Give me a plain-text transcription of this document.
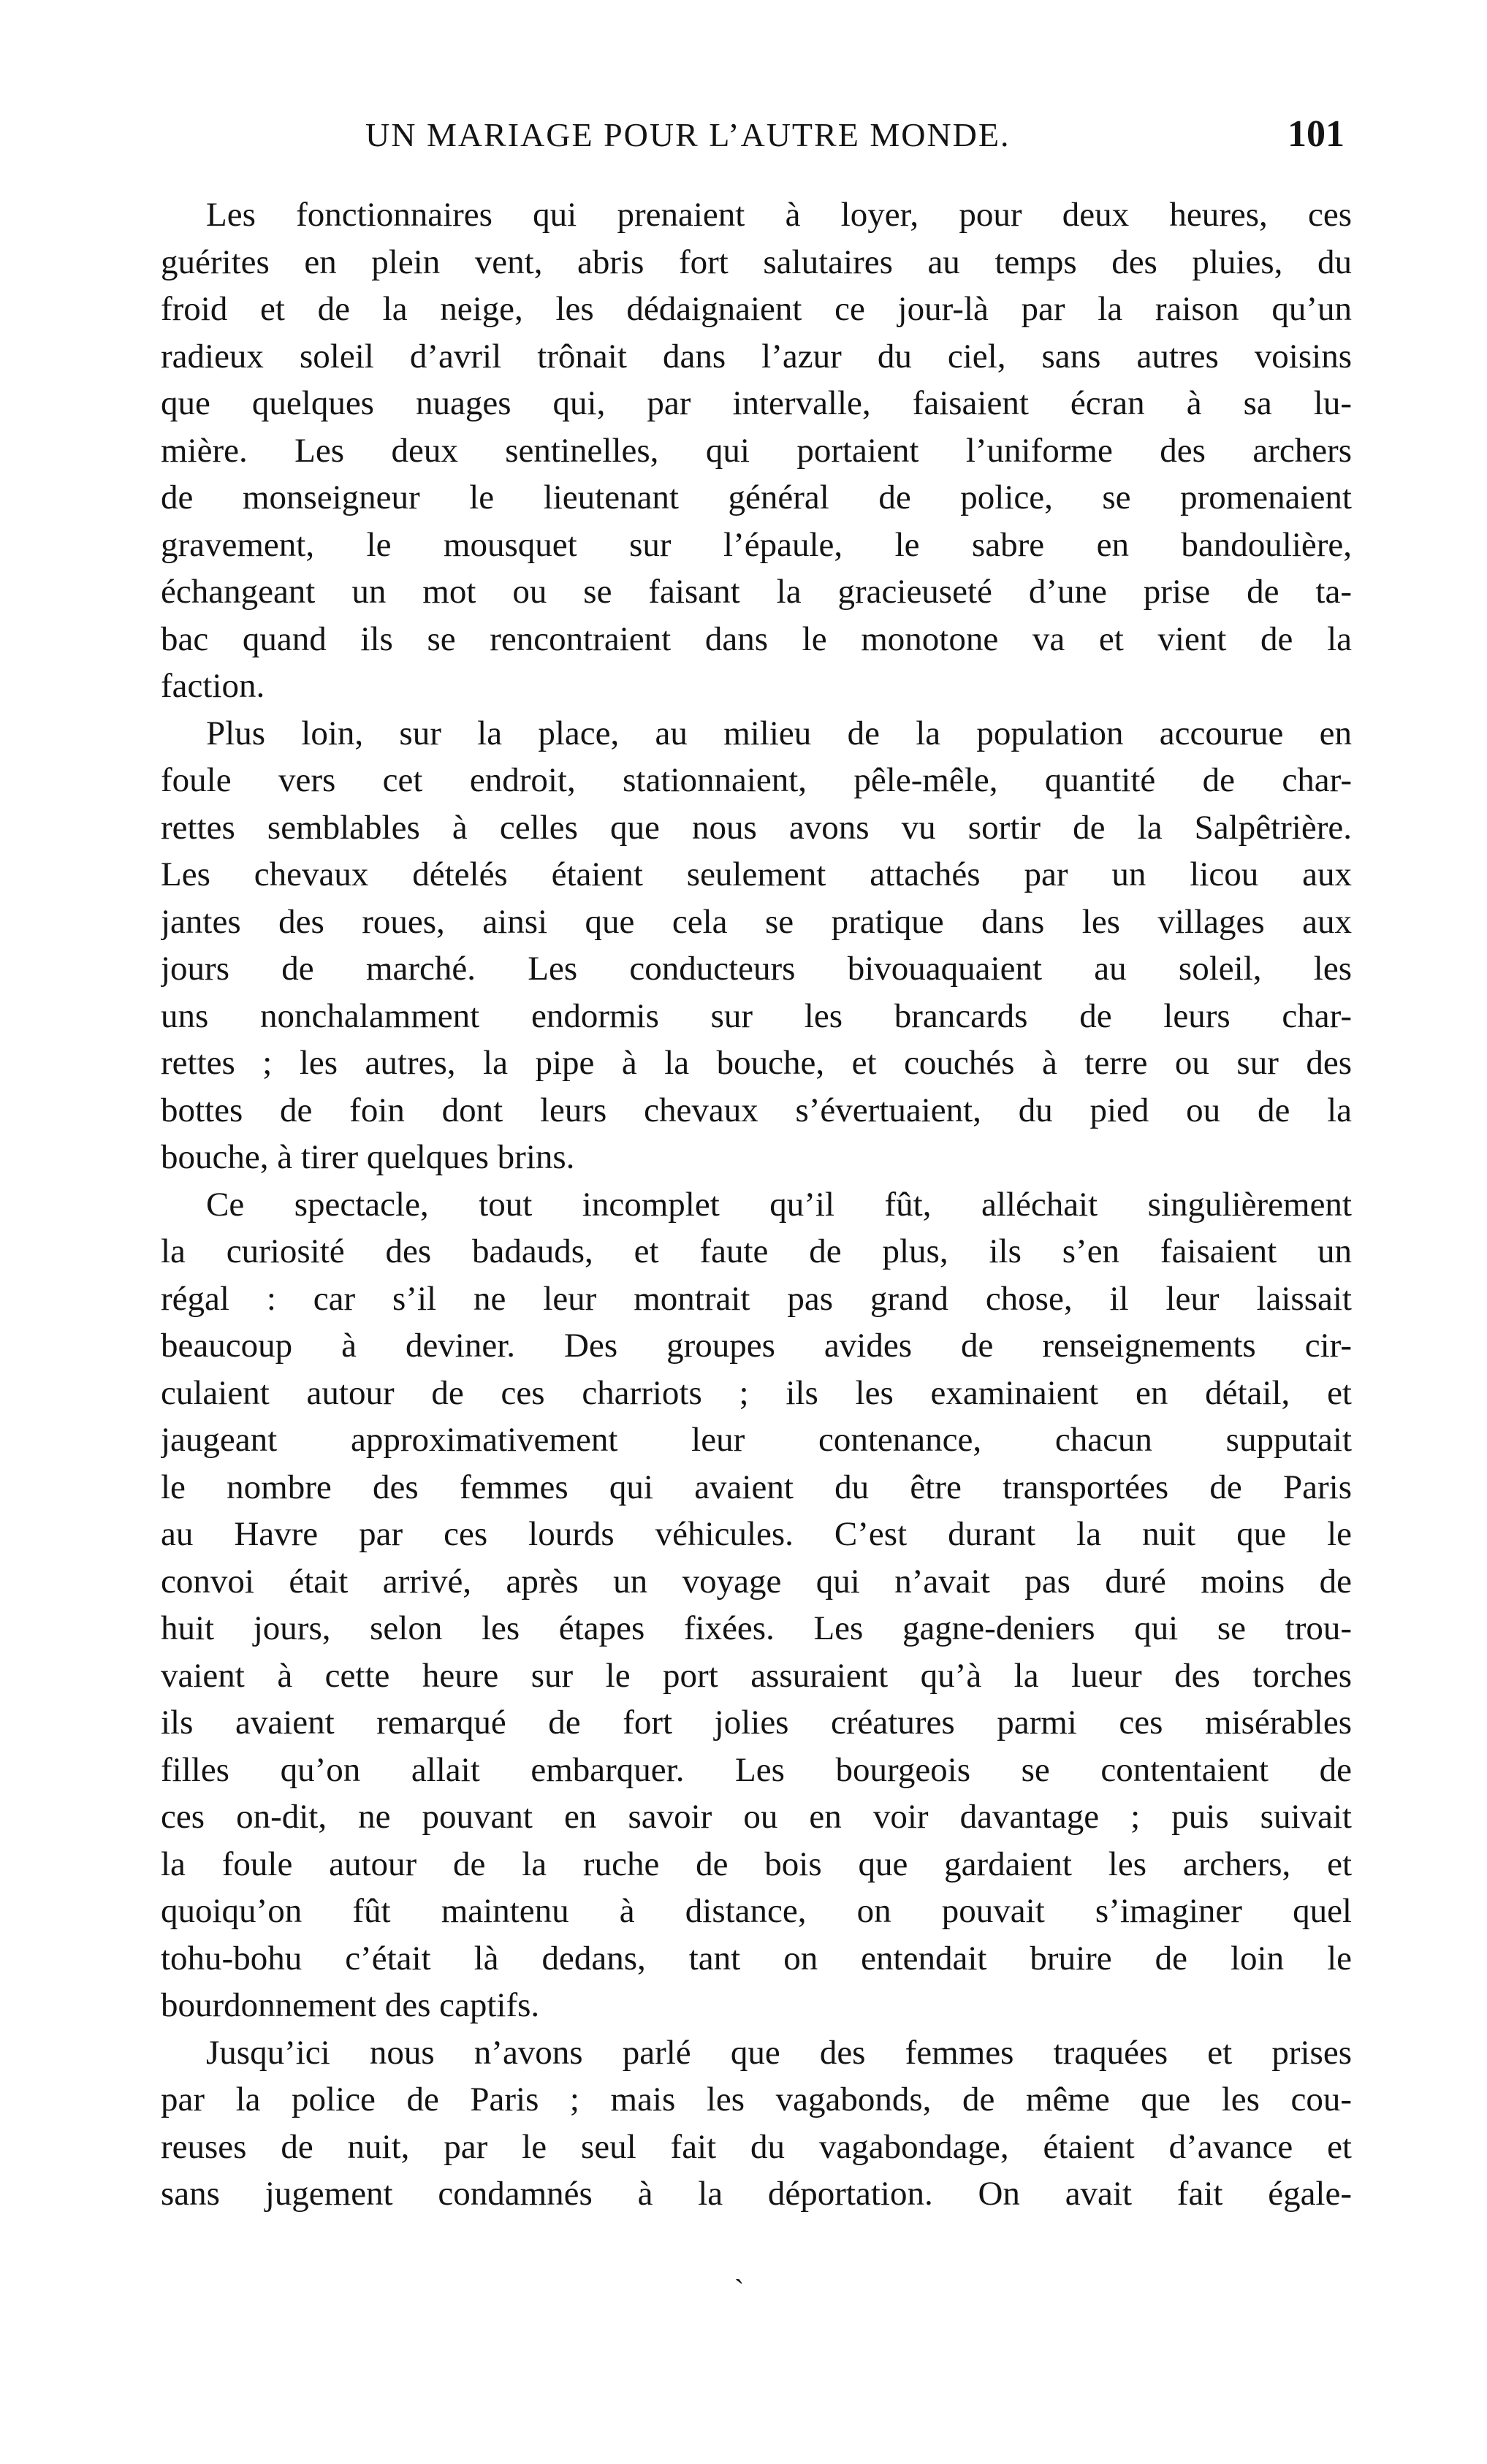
UN MARIAGE POUR L’AUTRE MONDE.	101
Les fonctionnaires qui prenaient à loyer, pour deux heures, ces
guérites en plein vent, abris fort salutaires au temps des pluies, du
froid et de la neige, les dédaignaient ce jour-là par la raison qu’un
radieux soleil d’avril trônait dans l’azur du ciel, sans autres voisins
que quelques nuages qui, par intervalle, faisaient écran à sa lu-
mière. Les deux sentinelles, qui portaient l’uniforme des archers
de monseigneur le lieutenant général de police, se promenaient
gravement, le mousquet sur l’épaule, le sabre en bandoulière,
échangeant un mot ou se faisant la gracieuseté d’une prise de ta-
bac quand ils se rencontraient dans le monotone va et vient de la
faction.
Plus loin, sur la place, au milieu de la population accourue en
foule vers cet endroit, stationnaient, pêle-mêle, quantité de char-
rettes semblables à celles que nous avons vu sortir de la Salpêtrière.
Les chevaux dételés étaient seulement attachés par un licou aux
jantes des roues, ainsi que cela se pratique dans les villages aux
jours de marché. Les conducteurs bivouaquaient au soleil, les
uns nonchalamment endormis sur les brancards de leurs char-
rettes ; les autres, la pipe à la bouche, et couchés à terre ou sur des
bottes de foin dont leurs chevaux s’évertuaient, du pied ou de la
bouche, à tirer quelques brins.
Ce spectacle, tout incomplet qu’il fût, alléchait singulièrement
la curiosité des badauds, et faute de plus, ils s’en faisaient un
régal : car s’il ne leur montrait pas grand chose, il leur laissait
beaucoup à deviner. Des groupes avides de renseignements cir-
culaient autour de ces charriots ; ils les examinaient en détail, et
jaugeant approximativement leur contenance, chacun supputait
le nombre des femmes qui avaient du être transportées de Paris
au Havre par ces lourds véhicules. C’est durant la nuit que le
convoi était arrivé, après un voyage qui n’avait pas duré moins de
huit jours, selon les étapes fixées. Les gagne-deniers qui se trou-
vaient à cette heure sur le port assuraient qu’à la lueur des torches
ils avaient remarqué de fort jolies créatures parmi ces misérables
filles qu’on allait embarquer. Les bourgeois se contentaient de
ces on-dit, ne pouvant en savoir ou en voir davantage ; puis suivait
la foule autour de la ruche de bois que gardaient les archers, et
quoiqu’on fût maintenu à distance, on pouvait s’imaginer quel
tohu-bohu c’était là dedans, tant on entendait bruire de loin le
bourdonnement des captifs.
Jusqu’ici nous n’avons parlé que des femmes traquées et prises
par la police de Paris ; mais les vagabonds, de même que les cou-
reuses de nuit, par le seul fait du vagabondage, étaient d’avance et
sans jugement condamnés à la déportation. On avait fait égale-
`
